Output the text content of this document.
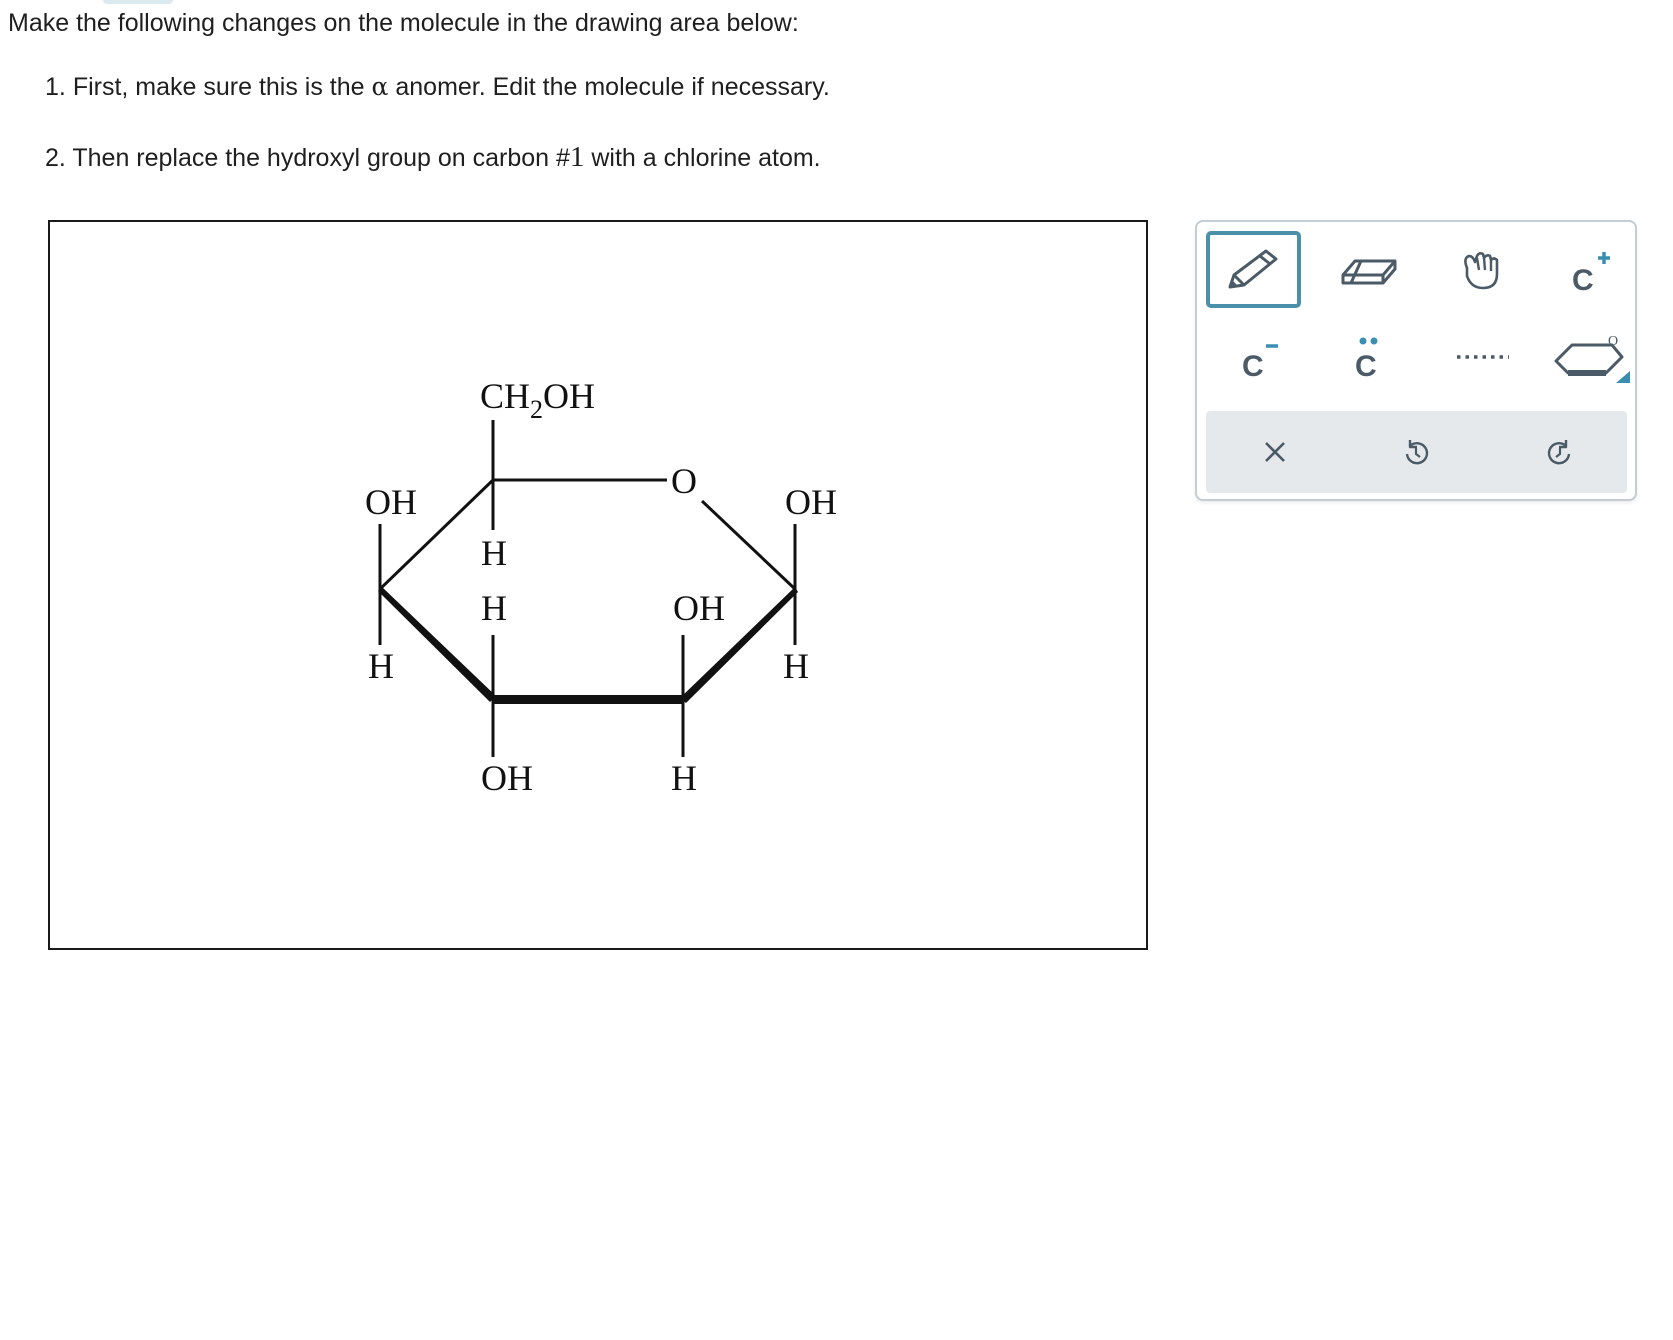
Make the following changes on the molecule in the drawing area below:
1. First, make sure this is the α anomer. Edit the molecule if necessary.
2. Then replace the hydroxyl group on carbon #1 with a chlorine atom.
O
CH2OH
H
OH
H
H
OH
OH
H
OH
H
C
C	C
O
